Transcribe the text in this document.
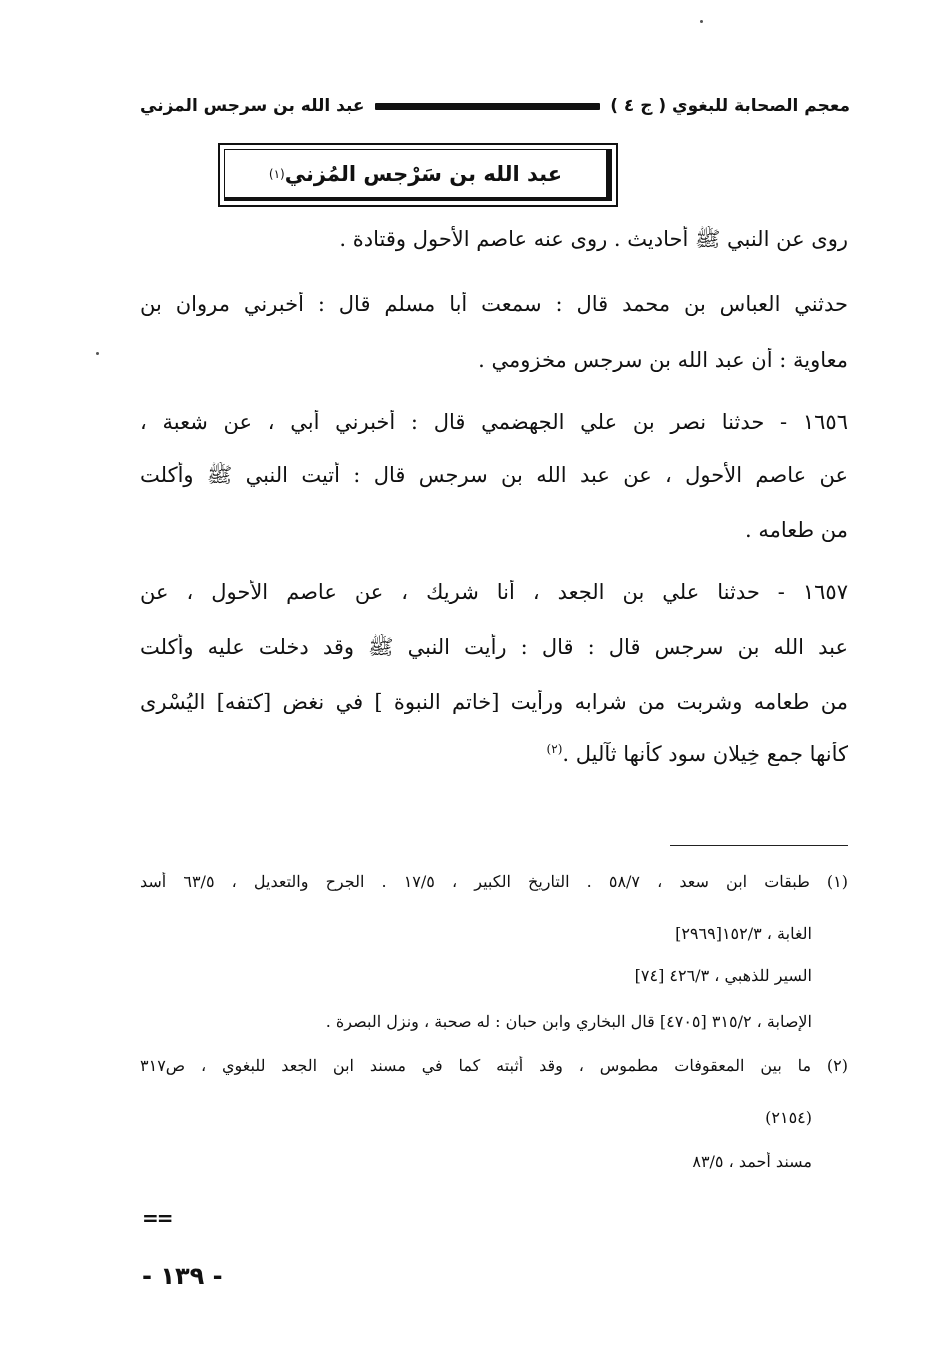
معجم الصحابة للبغوي ( ج ٤ )
عبد الله بن سرجس المزني
عبد الله بن سَرْجس المُزني
(١)
روى عن النبي ﷺ أحاديث . روى عنه عاصم الأحول وقتادة .
حدثني العباس بن محمد قال : سمعت أبا مسلم قال : أخبرني مروان بن
معاوية : أن عبد الله بن سرجس مخزومي .
١٦٥٦ - حدثنا نصر بن علي الجهضمي قال : أخبرني أبي ، عن شعبة ،
عن عاصم الأحول ، عن عبد الله بن سرجس قال : أتيت النبي ﷺ وأكلت
من طعامه .
١٦٥٧ - حدثنا علي بن الجعد ، أنا شريك ، عن عاصم الأحول ، عن
عبد الله بن سرجس قال : قال : رأيت النبي ﷺ وقد دخلت عليه وأكلت
من طعامه وشربت من شرابه ورأيت [خاتم النبوة ] في نغض [كتفه] اليُسْرى
كأنها جمع خِيلان سود كأنها ثآليل .$^{(٢)}$
(١) طبقات ابن سعد ، ٥٨/٧ . التاريخ الكبير ، ١٧/٥ . الجرح والتعديل ، ٦٣/٥ أسد
الغابة ، ١٥٢/٣[٢٩٦٩]
السير للذهبي ، ٤٢٦/٣ [٧٤]
الإصابة ، ٣١٥/٢ [٤٧٠٥] قال البخاري وابن حبان : له صحبة ، ونزل البصرة .
(٢) ما بين المعقوفات مطموس ، وقد أثبته كما في مسند ابن الجعد للبغوي ، ص٣١٧
(٢١٥٤)
مسند أحمد ، ٨٣/٥
==
- ١٣٩ -
